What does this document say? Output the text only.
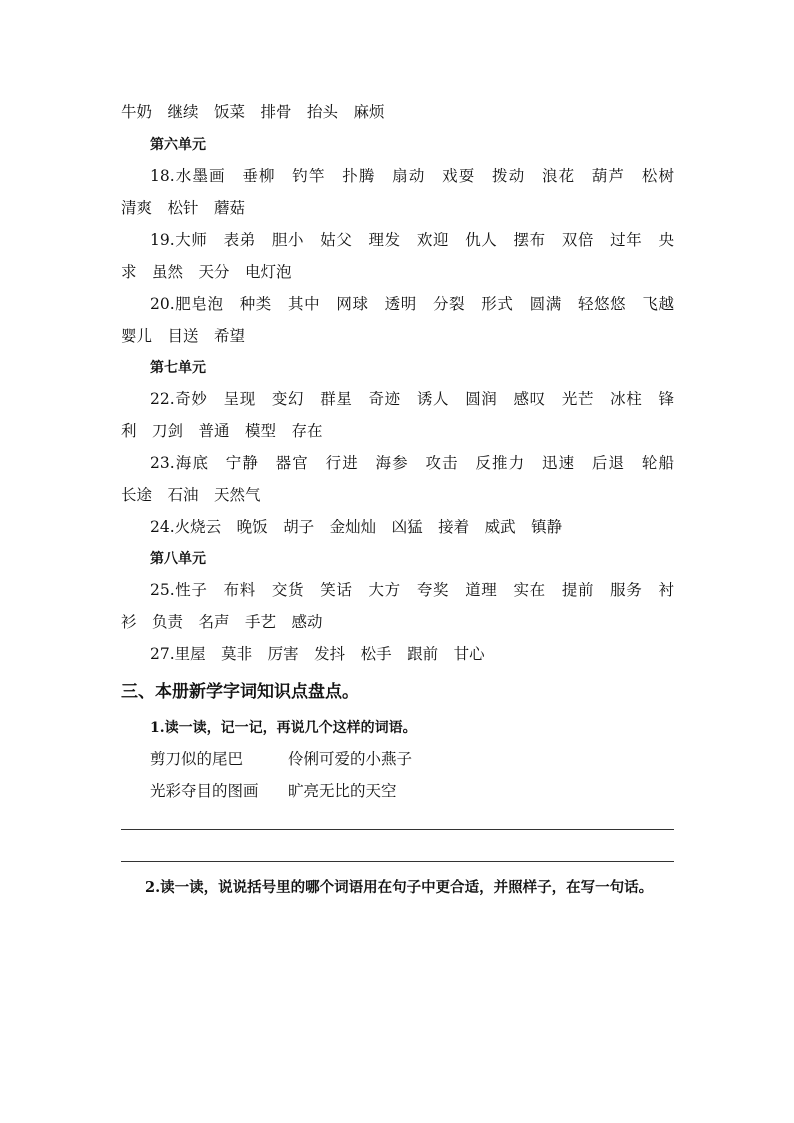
牛奶　继续　饭菜　排骨　抬头　麻烦
第六单元
18.水墨画　垂柳　钓竿　扑腾　扇动　戏耍　拨动　浪花　葫芦　松树
清爽　松针　蘑菇
19.大师　表弟　胆小　姑父　理发　欢迎　仇人　摆布　双倍　过年　央
求　虽然　天分　电灯泡
20.肥皂泡　种类　其中　网球　透明　分裂　形式　圆满　轻悠悠　飞越
婴儿　目送　希望
第七单元
22.奇妙　呈现　变幻　群星　奇迹　诱人　圆润　感叹　光芒　冰柱　锋
利　刀剑　普通　模型　存在
23.海底　宁静　器官　行进　海参　攻击　反推力　迅速　后退　轮船
长途　石油　天然气
24.火烧云　晚饭　胡子　金灿灿　凶猛　接着　威武　镇静
第八单元
25.性子　布料　交货　笑话　大方　夸奖　道理　实在　提前　服务　衬
衫　负责　名声　手艺　感动
27.里屋　莫非　厉害　发抖　松手　跟前　甘心
三、本册新学字词知识点盘点。
1.读一读，记一记，再说几个这样的词语。
剪刀似的尾巴	伶俐可爱的小燕子
光彩夺目的图画 旷亮无比的天空
2.读一读，说说括号里的哪个词语用在句子中更合适，并照样子，在写一句话。
